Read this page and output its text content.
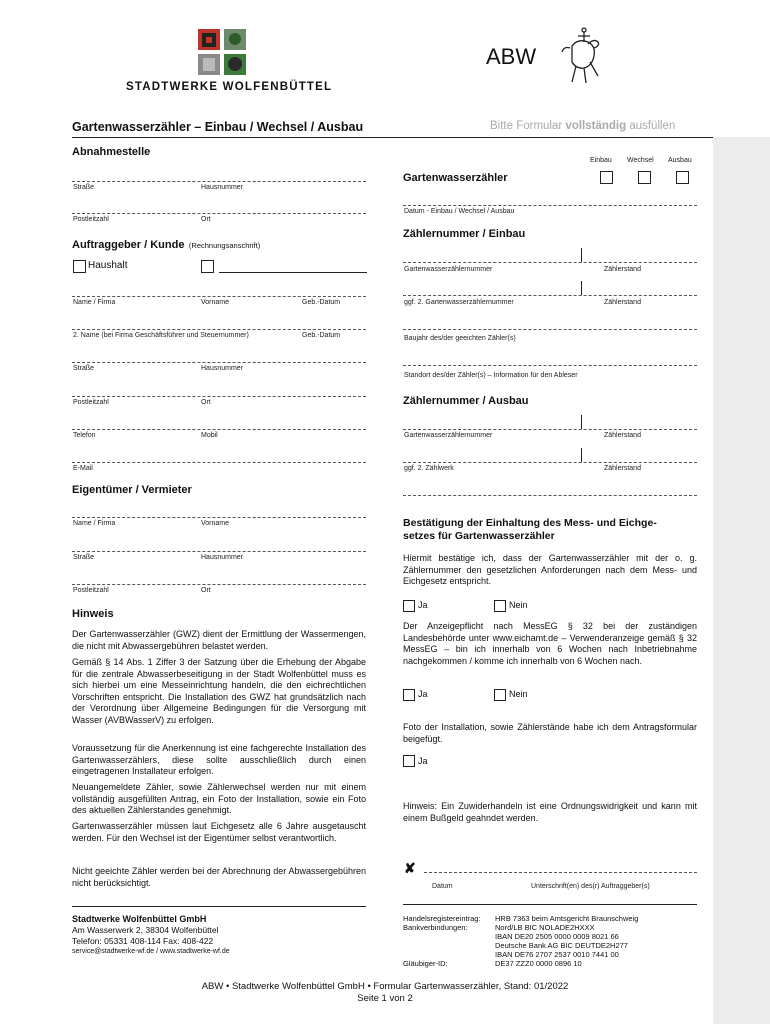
STADTWERKE WOLFENBÜTTEL
ABW
Gartenwasserzähler – Einbau / Wechsel / Ausbau	Bitte Formular vollständig ausfüllen
Abnahmestelle
Straße	Hausnummer
Postleitzahl	Ort
Auftraggeber / Kunde (Rechnungsanschrift)
Haushalt
Name / Firma	Vorname	Geb.-Datum
2. Name (bei Firma Geschäftsführer und Steuernummer)	Geb.-Datum
Straße	Hausnummer
Postleitzahl	Ort
Telefon	Mobil
E-Mail
Eigentümer / Vermieter
Name / Firma	Vorname
Straße	Hausnummer
Postleitzahl	Ort
Hinweis
Der Gartenwasserzähler (GWZ) dient der Ermittlung der Wassermengen, die nicht mit Abwassergebühren belastet werden.
Gemäß § 14 Abs. 1 Ziffer 3 der Satzung über die Erhebung der Abgabe für die zentrale Abwasserbeseitigung in der Stadt Wolfenbüttel muss es sich hierbei um eine Messeinrichtung handeln, die den eichrechtlichen Vorschriften entspricht. Die Installation des GWZ hat grundsätzlich nach der Verordnung über Allgemeine Bedingungen für die Versorgung mit Wasser (AVBWasserV) zu erfolgen.
Voraussetzung für die Anerkennung ist eine fachgerechte Installation des Gartenwasserzählers, diese sollte ausschließlich durch einen eingetragenen Installateur erfolgen.
Neuangemeldete Zähler, sowie Zählerwechsel werden nur mit einem vollständig ausgefüllten Antrag, ein Foto der Installation, sowie ein Foto des aktuellen Zählerstandes genehmigt.
Gartenwasserzähler müssen laut Eichgesetz alle 6 Jahre ausgetauscht werden. Für den Wechsel ist der Eigentümer selbst verantwortlich.
Nicht geeichte Zähler werden bei der Abrechnung der Abwassergebühren nicht berücksichtigt.
Einbau Wechsel Ausbau
Gartenwasserzähler
Datum - Einbau / Wechsel / Ausbau
Zählernummer / Einbau
Gartenwasserzählernummer	Zählerstand
ggf. 2. Gartenwasserzählernummer	Zählerstand
Baujahr des/der geeichten Zähler(s)
Standort des/der Zähler(s) – Information für den Ableser
Zählernummer / Ausbau
Gartenwasserzählernummer	Zählerstand
ggf. 2. Zählwerk	Zählerstand
Bestätigung der Einhaltung des Mess- und Eichge-
setzes für Gartenwasserzähler
Hiermit bestätige ich, dass der Gartenwasserzähler mit der o. g. Zählernummer den gesetzlichen Anforderungen nach dem Mess- und Eichgesetz entspricht.
Ja	Nein
Der Anzeigepflicht nach MessEG § 32 bei der zuständigen Landesbehörde unter www.eichamt.de – Verwenderanzeige gemäß § 32 MessEG – bin ich innerhalb von 6 Wochen nach Inbetriebnahme nachgekommen / komme ich innerhalb von 6 Wochen nach.
Ja	Nein
Foto der Installation, sowie Zählerstände habe ich dem Antragsformular beigefügt.
Ja
Hinweis: Ein Zuwiderhandeln ist eine Ordnungswidrigkeit und kann mit einem Bußgeld geahndet werden.
✘
Datum	Unterschrift(en) des(r) Auftraggeber(s)
Stadtwerke Wolfenbüttel GmbH
Am Wasserwerk 2, 38304 Wolfenbüttel
Telefon: 05331 408-114 Fax: 408-422
service@stadtwerke-wf.de / www.stadtwerke-wf.de
Handelsregistereintrag: HRB 7363 beim Amtsgericht Braunschweig
Bankverbindungen:	Nord/LB BIC NOLADE2HXXX
IBAN DE20 2505 0000 0009 8021 66
Deutsche Bank AG BIC DEUTDE2H277
IBAN DE76 2707 2537 0010 7441 00
Gläubiger-ID:	DE37 ZZZ0 0000 0896 10
ABW • Stadtwerke Wolfenbüttel GmbH • Formular Gartenwasserzähler, Stand: 01/2022
Seite 1 von 2
